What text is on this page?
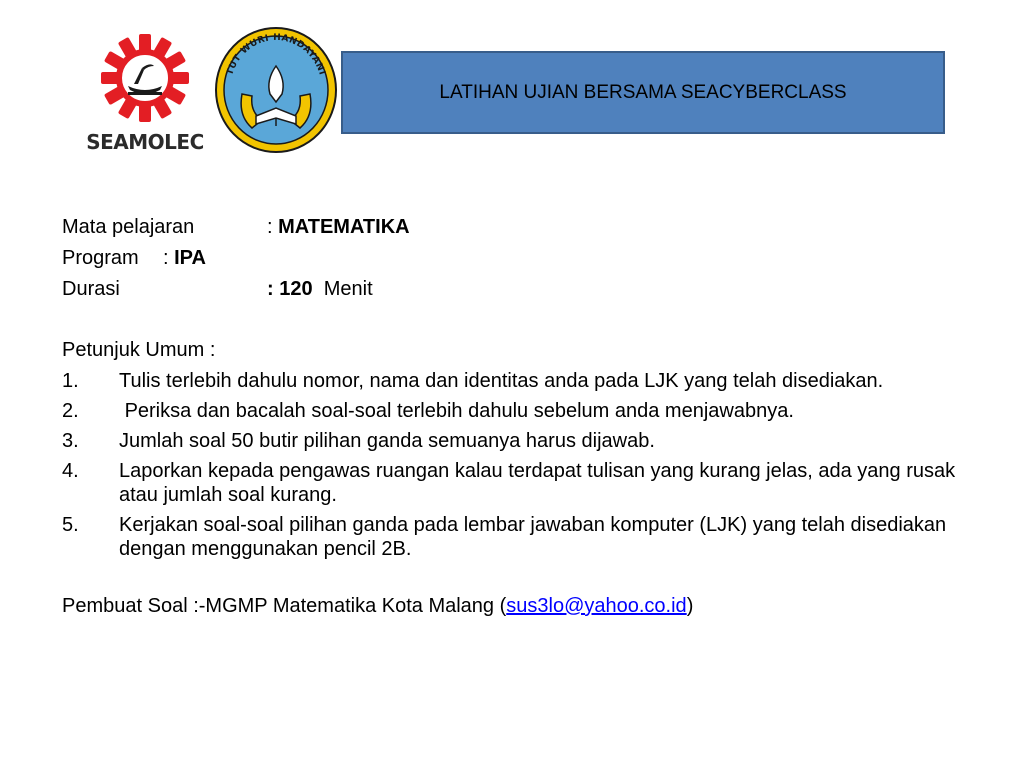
SEAMOLEC
TUT WURI HANDAYANI
LATIHAN UJIAN BERSAMA SEACYBERCLASS
Mata pelajaran	: MATEMATIKA
Program : IPA
Durasi	: 120 Menit
Petunjuk Umum :
1. Tulis terlebih dahulu nomor, nama dan identitas anda pada LJK yang telah disediakan.
2. Periksa dan bacalah soal-soal terlebih dahulu sebelum anda menjawabnya.
3. Jumlah soal 50 butir pilihan ganda semuanya harus dijawab.
4. Laporkan kepada pengawas ruangan kalau terdapat tulisan yang kurang jelas, ada yang rusak atau jumlah soal kurang.
5. Kerjakan soal-soal pilihan ganda pada lembar jawaban komputer (LJK) yang telah disediakan dengan menggunakan pencil 2B.
Pembuat Soal :-MGMP Matematika Kota Malang (sus3lo@yahoo.co.id)
